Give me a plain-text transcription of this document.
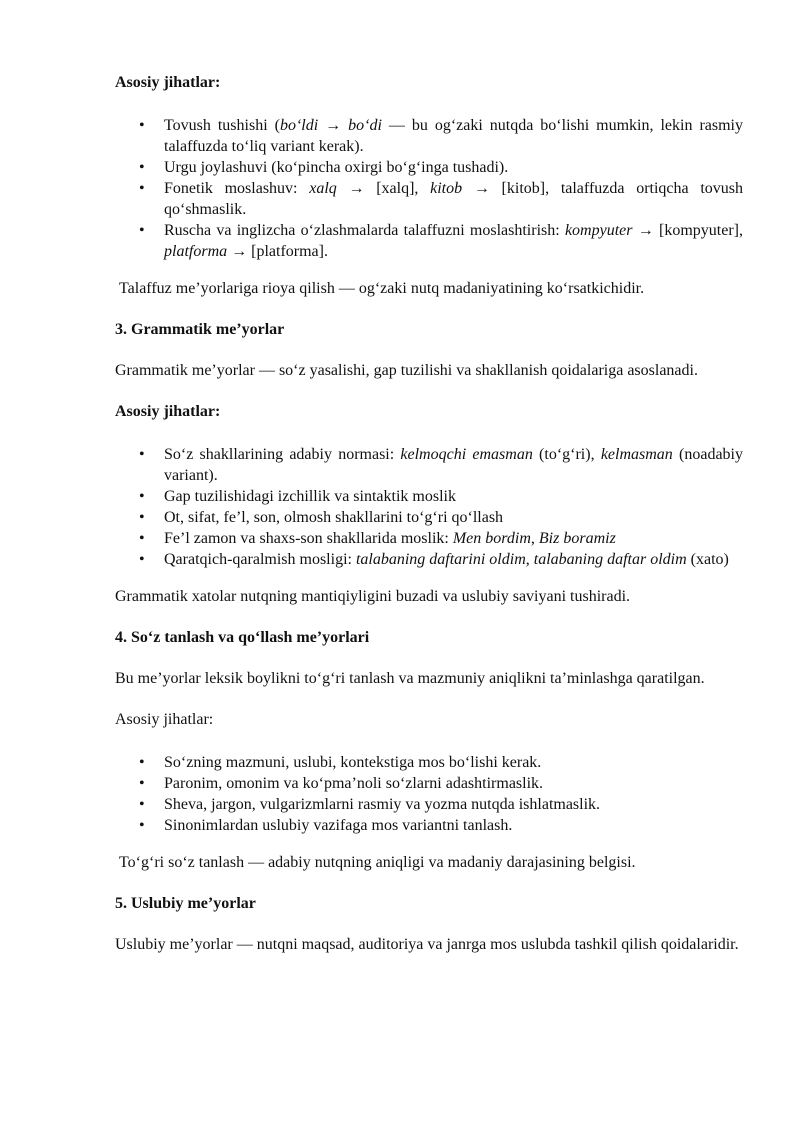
Asosiy jihatlar:
• Tovush tushishi (bo‘ldi → bo‘di — bu og‘zaki nutqda bo‘lishi mumkin, lekin rasmiy talaffuzda to‘liq variant kerak).
• Urgu joylashuvi (ko‘pincha oxirgi bo‘g‘inga tushadi).
• Fonetik moslashuv: xalq → [xalq], kitob → [kitob], talaffuzda ortiqcha tovush qo‘shmaslik.
• Ruscha va inglizcha o‘zlashmalarda talaffuzni moslashtirish: kompyuter → [kompyuter], platforma → [platforma].

Talaffuz me’yorlariga rioya qilish — og‘zaki nutq madaniyatining ko‘rsatkichidir.

3. Grammatik me’yorlar

Grammatik me’yorlar — so‘z yasalishi, gap tuzilishi va shakllanish qoidalariga asoslanadi.

Asosiy jihatlar:
• So‘z shakllarining adabiy normasi: kelmoqchi emasman (to‘g‘ri), kelmasman (noadabiy variant).
• Gap tuzilishidagi izchillik va sintaktik moslik
• Ot, sifat, fe’l, son, olmosh shakllarini to‘g‘ri qo‘llash
• Fe’l zamon va shaxs-son shakllarida moslik: Men bordim, Biz boramiz
• Qaratqich-qaralmish mosligi: talabaning daftarini oldim, talabaning daftar oldim (xato)

Grammatik xatolar nutqning mantiqiyligini buzadi va uslubiy saviyani tushiradi.

4. So‘z tanlash va qo‘llash me’yorlari

Bu me’yorlar leksik boylikni to‘g‘ri tanlash va mazmuniy aniqlikni ta’minlashga qaratilgan.

Asosiy jihatlar:

• So‘zning mazmuni, uslubi, kontekstiga mos bo‘lishi kerak.
• Paronim, omonim va ko‘pma’noli so‘zlarni adashtirmaslik.
• Sheva, jargon, vulgarizmlarni rasmiy va yozma nutqda ishlatmaslik.
• Sinonimlardan uslubiy vazifaga mos variantni tanlash.

To‘g‘ri so‘z tanlash — adabiy nutqning aniqligi va madaniy darajasining belgisi.

5. Uslubiy me’yorlar

Uslubiy me’yorlar — nutqni maqsad, auditoriya va janrga mos uslubda tashkil qilish qoidalaridir.
